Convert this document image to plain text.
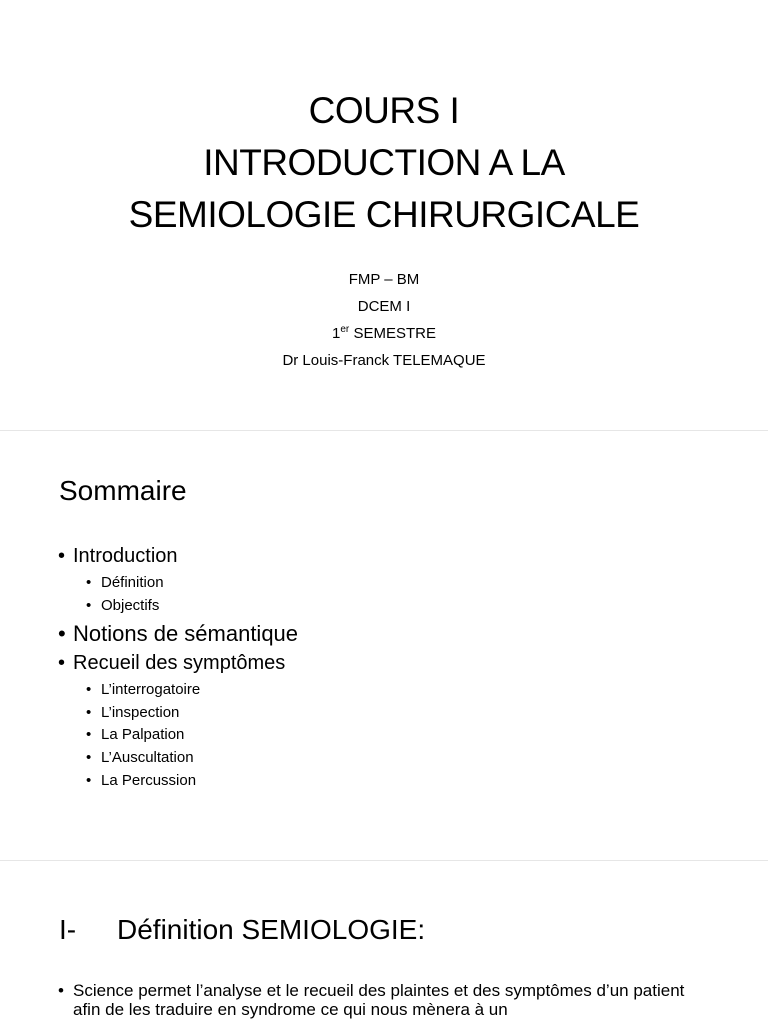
COURS I
INTRODUCTION A LA
SEMIOLOGIE CHIRURGICALE
FMP – BM
DCEM I
1er SEMESTRE
Dr Louis-Franck TELEMAQUE
Sommaire
• Introduction
• Définition
• Objectifs
• Notions de sémantique
• Recueil des symptômes
• L’interrogatoire
• L’inspection
• La Palpation
• L’Auscultation
• La Percussion
I- Définition SEMIOLOGIE:
• Science permet l’analyse et le recueil des plaintes et des symptômes d’un patient afin de les traduire en syndrome ce qui nous mènera à un
